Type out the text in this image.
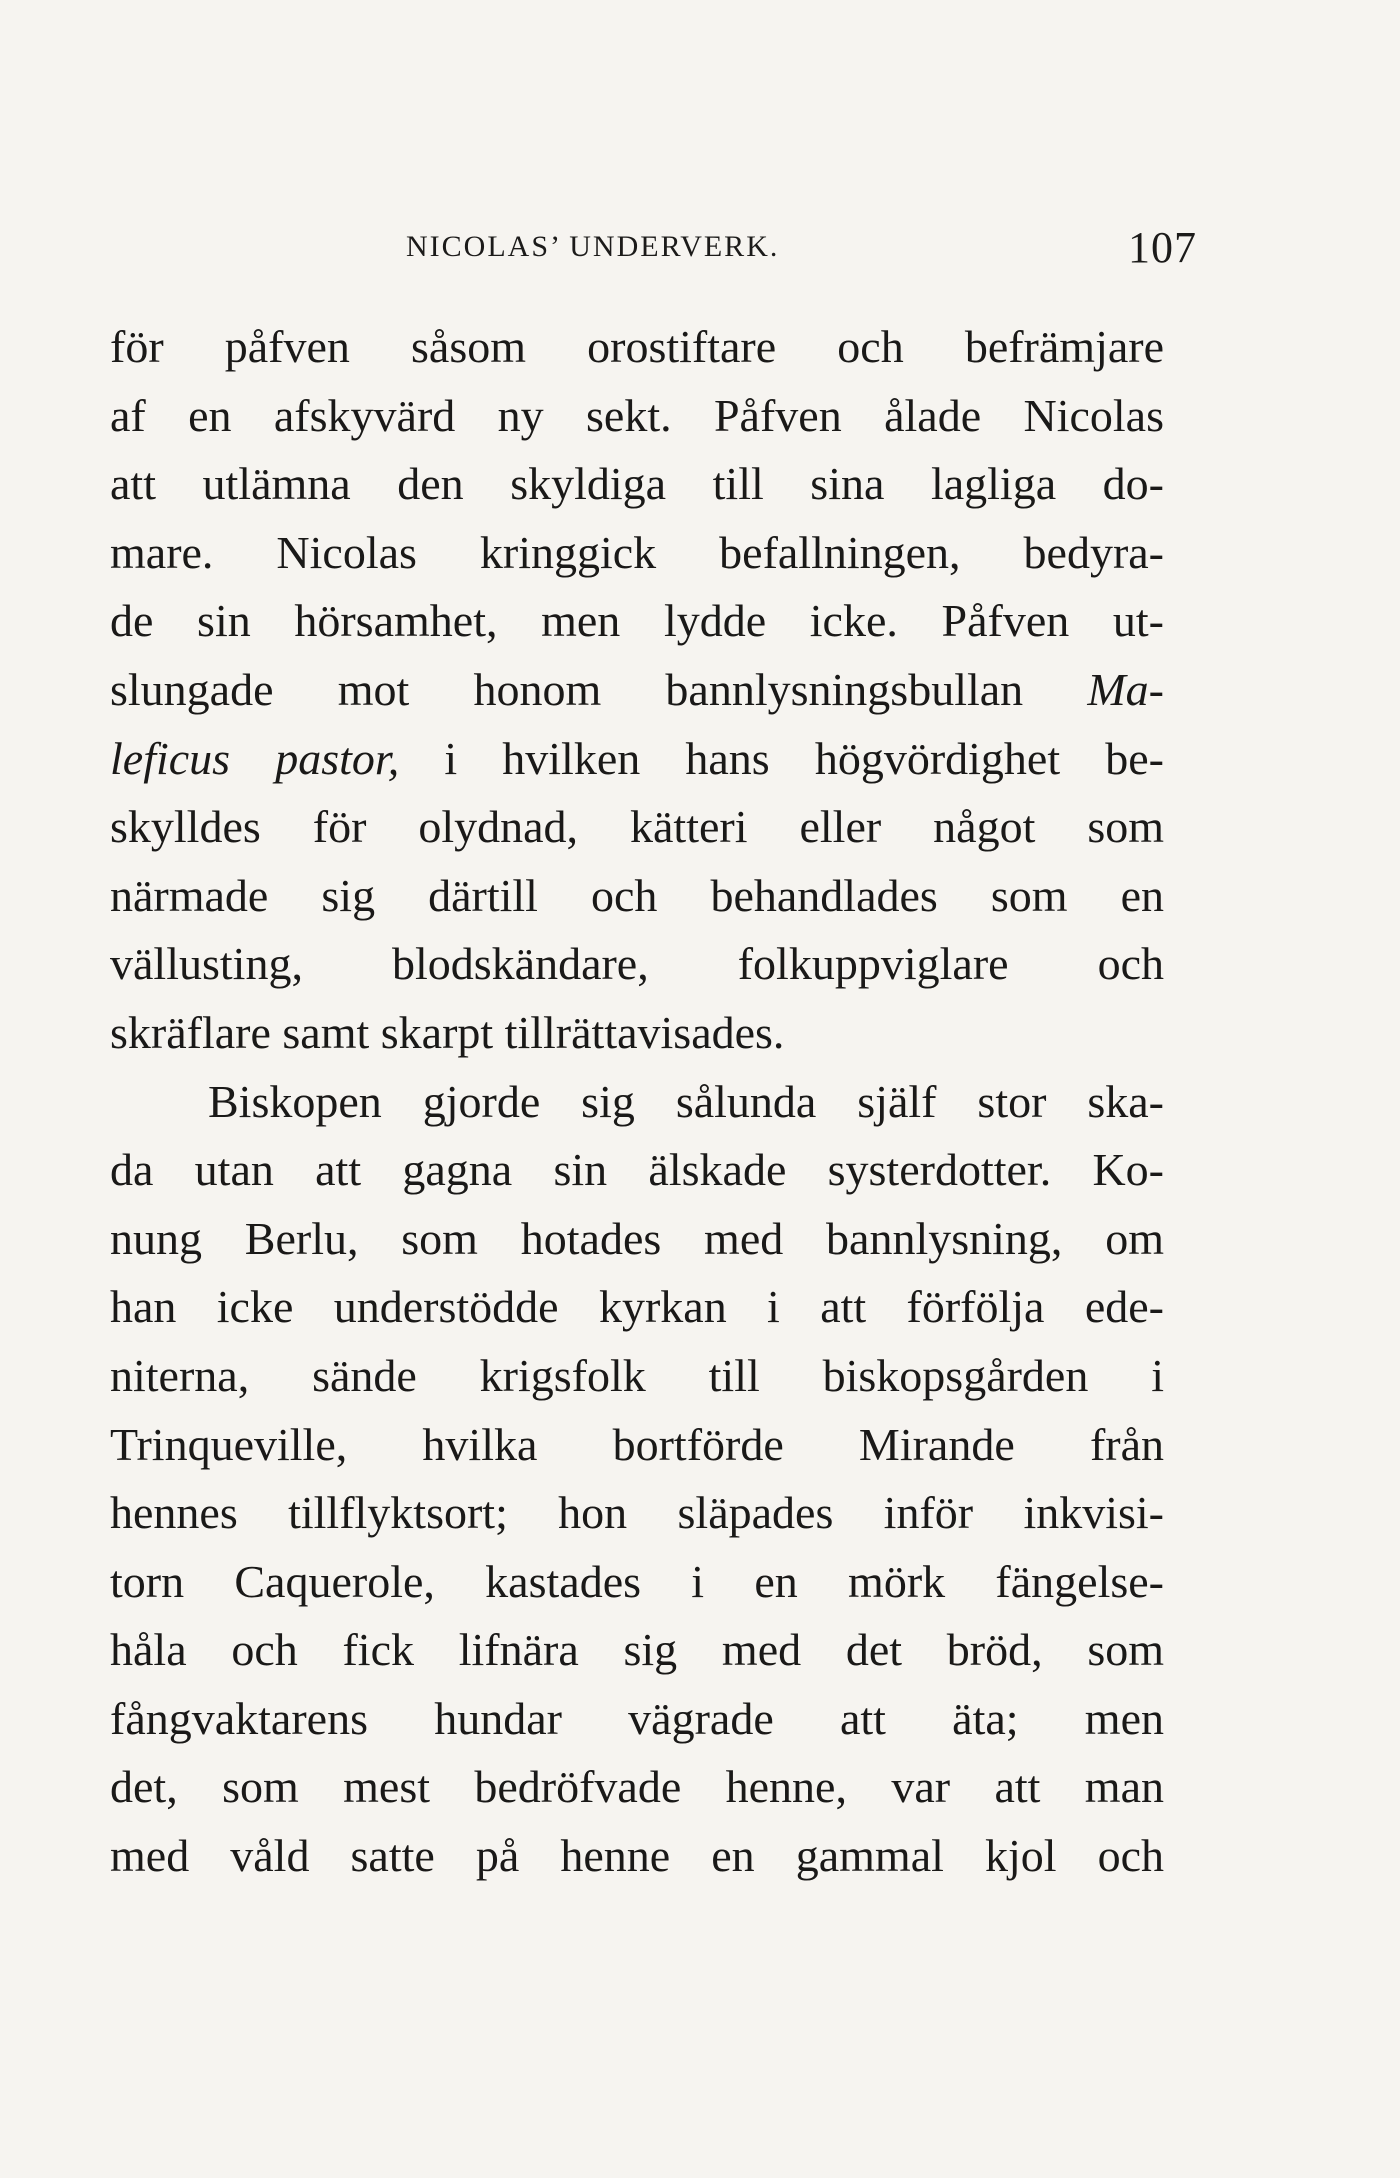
NICOLAS’ UNDERVERK.	107
för påfven såsom orostiftare och befrämjare
af en afskyvärd ny sekt. Påfven ålade Nicolas
att utlämna den skyldiga till sina lagliga do-
mare. Nicolas kringgick befallningen, bedyra-
de sin hörsamhet, men lydde icke. Påfven ut-
slungade mot honom bannlysningsbullan Ma-
leficus pastor, i hvilken hans högvördighet be-
skylldes för olydnad, kätteri eller något som
närmade sig därtill och behandlades som en
vällusting, blodskändare, folkuppviglare och
skräflare samt skarpt tillrättavisades.
Biskopen gjorde sig sålunda själf stor ska-
da utan att gagna sin älskade systerdotter. Ko-
nung Berlu, som hotades med bannlysning, om
han icke understödde kyrkan i att förfölja ede-
niterna, sände krigsfolk till biskopsgården i
Trinqueville, hvilka bortförde Mirande från
hennes tillflyktsort; hon släpades inför inkvisi-
torn Caquerole, kastades i en mörk fängelse-
håla och fick lifnära sig med det bröd, som
fångvaktarens hundar vägrade att äta; men
det, som mest bedröfvade henne, var att man
med våld satte på henne en gammal kjol och
